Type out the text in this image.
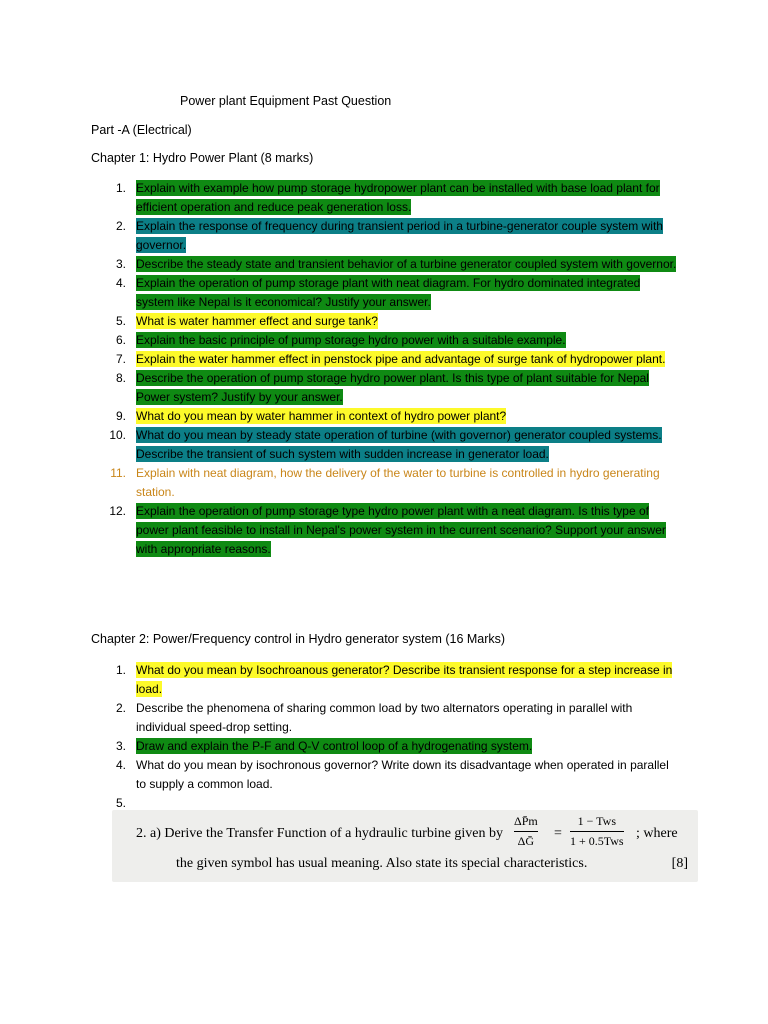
Power plant Equipment Past Question
Part -A (Electrical)
Chapter 1: Hydro Power Plant (8 marks)
1. Explain with example how pump storage hydropower plant can be installed with base load plant for efficient operation and reduce peak generation loss.
2. Explain the response of frequency during transient period in a turbine-generator couple system with governor.
3. Describe the steady state and transient behavior of a turbine generator coupled system with governor.
4. Explain the operation of pump storage plant with neat diagram. For hydro dominated integrated system like Nepal is it economical? Justify your answer.
5. What is water hammer effect and surge tank?
6. Explain the basic principle of pump storage hydro power with a suitable example.
7. Explain the water hammer effect in penstock pipe and advantage of surge tank of hydropower plant.
8. Describe the operation of pump storage hydro power plant. Is this type of plant suitable for Nepal Power system? Justify by your answer.
9. What do you mean by water hammer in context of hydro power plant?
10. What do you mean by steady state operation of turbine (with governor) generator coupled systems. Describe the transient of such system with sudden increase in generator load.
11. Explain with neat diagram, how the delivery of the water to turbine is controlled in hydro generating station.
12. Explain the operation of pump storage type hydro power plant with a neat diagram. Is this type of power plant feasible to install in Nepal's power system in the current scenario? Support your answer with appropriate reasons.
Chapter 2: Power/Frequency control in Hydro generator system (16 Marks)
1. What do you mean by Isochroanous generator? Describe its transient response for a step increase in load.
2. Describe the phenomena of sharing common load by two alternators operating in parallel with individual speed-drop setting.
3. Draw and explain the P-F and Q-V control loop of a hydrogenating system.
4. What do you mean by isochronous governor? Write down its disadvantage when operated in parallel to supply a common load.
5.
2. a) Derive the Transfer Function of a hydraulic turbine given by
ΔP̄m
ΔḠ =
1 − Tws
1 + 0.5Tws ; where
the given symbol has usual meaning. Also state its special characteristics.	[8]
